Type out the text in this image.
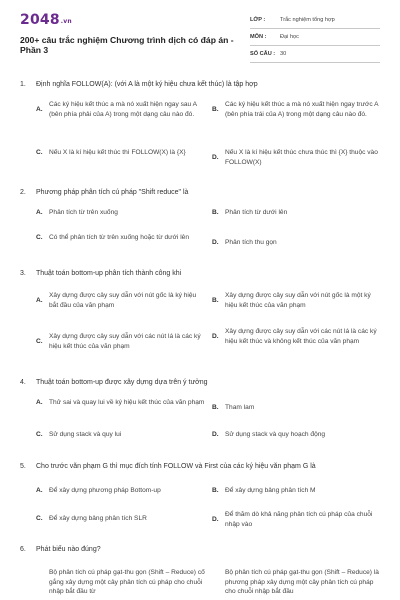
2048.vn
200+ câu trắc nghiệm Chương trình dịch có đáp án - Phần 3
LỚP :	Trắc nghiệm tổng hợp
MÔN :	Đại học
SỐ CÂU : 30
1.	Định nghĩa FOLLOW(A): (với A là một ký hiệu chưa kết thúc) là tập hợp
A.
Các ký hiệu kết thúc a mà nó xuất hiện ngay sau A (bên phía phải của A) trong một dạng câu nào đó.
B.
Các ký hiệu kết thúc a mà nó xuất hiện ngay trước A (bên phía trái của A) trong một dạng câu nào đó.
C. Nếu X là kí hiệu kết thúc thì FOLLOW(X) là {X}
D.
Nếu X là kí hiệu kết thúc chưa thúc thì {X} thuộc vào FOLLOW(X)
2.	Phương pháp phân tích cú pháp "Shift reduce" là
A. Phân tích từ trên xuống	B. Phân tích từ dưới lên
C. Có thể phân tích từ trên xuống hoặc từ dưới lên
D. Phân tích thu gọn
3.	Thuật toán bottom-up phân tích thành công khi
A.
Xây dựng được cây suy dẫn với nút gốc là ký hiệu bắt đầu của văn phạm
B.
Xây dựng được cây suy dẫn với nút gốc là một ký hiệu kết thúc của văn phạm
C.
Xây dựng được cây suy dẫn với các nút lá là các ký hiệu kết thúc của văn phạm
D.
Xây dựng được cây suy dẫn với các nút lá là các ký hiệu kết thúc và không kết thúc của văn phạm
4.	Thuật toán bottom-up được xây dựng dựa trên ý tưởng
A. Thử sai và quay lui về ký hiệu kết thúc của văn phạm
B. Tham lam
C. Sử dụng stack và quy lui	D. Sử dụng stack và quy hoạch động
5.	Cho trước văn phạm G thì mục đích tính FOLLOW và First của các ký hiệu văn phạm G là
A. Để xây dựng phương pháp Bottom-up	B. Để xây dựng bảng phân tích M
C. Để xây dựng bảng phân tích SLR	D.
Để thăm dò khả năng phân tích cú pháp của chuỗi nhập vào
6.	Phát biểu nào đúng?
Bộ phân tích cú pháp gạt-thu gọn (Shift – Reduce) cố gắng xây dựng một cây phân tích cú pháp cho chuỗi nhập bắt đầu từ
Bộ phân tích cú pháp gạt-thu gọn (Shift – Reduce) là phương pháp xây dựng một cây phân tích cú pháp cho chuỗi nhập bắt đầu
